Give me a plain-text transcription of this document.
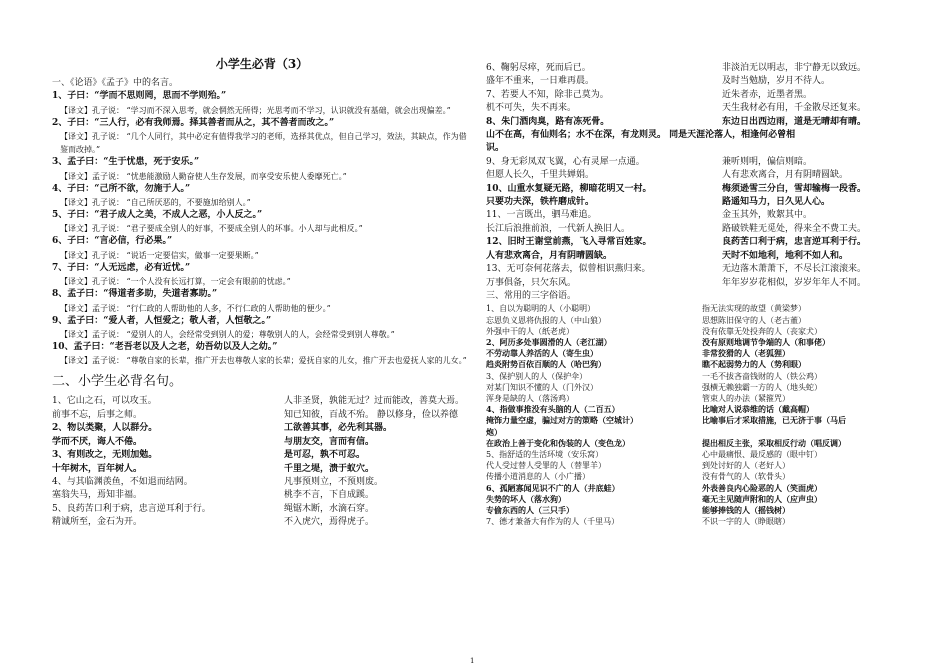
小学生必背（3）
一、《论语》《孟子》中的名言。
1、子曰：“学而不思则罔，思而不学则殆。”
【译文】孔子说： “学习而不深入思考，就会惘然无所得；光思考而不学习，认识就没有基础，就会出现偏差。”
2、子曰：“三人行，必有我师焉。择其善者而从之，其不善者而改之。”
【译文】孔子说： “几个人同行，其中必定有值得我学习的老师，选择其优点，但自己学习，效法，其缺点，作为借鉴而改掉。”
3、孟子曰：“生于忧患，死于安乐。”
【译文】孟子说： “忧患能激励人勤奋使人生存发展，而享受安乐使人委靡死亡。”
4、子曰：“己所不欲，勿施于人。”
【译文】孔子说： “自己所厌恶的，不要施加给别人。”
5、子曰：“君子成人之美，不成人之恶，小人反之。”
【译文】孔子说： “君子要成全别人的好事，不要成全别人的坏事。小人却与此相反。”
6、子曰：“言必信，行必果。”
【译文】孔子说： “说话一定要信实，做事一定要果断。”
7、子曰：“人无远虑，必有近忧。”
【译文】孔子说： “一个人没有长远打算，一定会有眼前的忧虑。”
8、孟子曰：“得道者多助，失道者寡助。”
【译文】孟子说： “行仁政的人帮助他的人多，不行仁政的人帮助他的便少。”
9、孟子曰：“爱人者，人恒爱之；敬人者，人恒敬之。”
【译文】孟子说： “爱别人的人，会经常受到别人的爱；尊敬别人的人，会经常受到别人尊敬。”
10、孟子曰：“老吾老以及人之老，幼吾幼以及人之幼。”
【译文】孟子说： “尊敬自家的长辈，推广开去也尊敬人家的长辈；爱抚自家的儿女，推广开去也爱抚人家的儿女。”
二、小学生必背名句。
1、它山之石，可以攻玉。	人非圣贤，孰能无过？过而能改，善莫大焉。
前事不忘，后事之师。	知已知彼，百战不殆。 静以修身，俭以养德
2、物以类聚，人以群分。	工欲善其事，必先利其器。
学而不厌，诲人不倦。	与朋友交，言而有信。
3、有则改之，无则加勉。	是可忍，孰不可忍。
十年树木，百年树人。	千里之堤，溃于蚁穴。
4、与其临渊羡鱼，不如退而结网。	凡事预则立，不预则废。
塞翁失马，焉知非福。	桃李不言，下自成蹊。
5、良药苦口利于病，忠言逆耳利于行。	绳锯木断，水滴石穿。
精诚所至，金石为开。	不入虎穴，焉得虎子。
6、鞠躬尽瘁，死而后已。	非淡泊无以明志，非宁静无以致远。
盛年不重来，一日难再晨。	及时当勉励，岁月不待人。
7、若要人不知，除非己莫为。	近朱者赤，近墨者黑。
机不可失，失不再来。	天生我材必有用，千金散尽还复来。
8、朱门酒肉臭，路有冻死骨。	东边日出西边雨，道是无晴却有晴。
山不在高，有仙则名；水不在深，有龙则灵。 同是天涯沦落人，相逢何必曾相
识。
9、身无彩凤双飞翼，心有灵犀一点通。	兼听则明，偏信则暗。
但愿人长久，千里共婵娟。	人有悲欢离合，月有阴晴圆缺。
10、山重水复疑无路，柳暗花明又一村。	梅须逊雪三分白，雪却输梅一段香。
只要功夫深，铁杵磨成针。	路遥知马力，日久见人心。
11、一言既出，驷马难追。	金玉其外，败絮其中。
长江后浪推前浪，一代新人换旧人。	路破铁鞋无觅处，得来全不费工夫。
12、旧时王谢堂前燕，飞入寻常百姓家。	良药苦口利于病，忠言逆耳利于行。
人有悲欢离合，月有阴晴圆缺。	天时不如地利，地利不如人和。
13、无可奈何花落去，似曾相识燕归来。	无边落木萧萧下，不尽长江滚滚来。
万事俱备，只欠东风。	年年岁岁花相似，岁岁年年人不同。
三、常用的三字俗语。
1、自以为聪明的人（小聪明）	指无法实现的故望（黄梁梦）
忘恩负义恩将仇报的人（中山狼）	思想陈旧保守的人（老古董）
外强中干的人（纸老虎）	没有依靠无处投奔的人（丧家犬）
2、阿历多处事圆滑的人（老江湖）	没有原则地调节争端的人（和事佬）
不劳动靠人养活的人（寄生虫）	非常狡猾的人（老狐狸）
趋炎附势百依百顺的人（哈巴狗）	瞧不起弱势力的人（势利眼）
3、保护别人的人（保护伞）	一毛不拔吝啬钱财的人（铁公鸡）
对某门知识不懂的人（门外汉）	强横无赖独霸一方的人（地头蛇）
浑身是缺的人（落汤鸡）	管束人的办法（紧箍咒）
4、指做事推没有头脑的人（二百五）	比喻对人说恭维的话（戴高帽）
掩饰力量空虚，骗过对方的策略（空城计）	比喻事后才采取措施，已无济于事（马后
炮）
在政治上善于变化和伪装的人（变色龙）	提出相反主张，采取相反行动（唱反调）
5、指舒适的生活环境（安乐窝）	心中最痛恨、最反感的（眼中钉）
代人受过替人受罪的人（替罪羊）	到处讨好的人（老好人）
传播小道消息的人（小广播）	没有骨气的人（软骨头）
6、孤陋寡闻见识不广的人（井底蛙）	外表善良内心险恶的人（笑面虎）
失势的坏人（落水狗）	毫无主见随声附和的人（应声虫）
专偷东西的人（三只手）	能够捧钱的人（摇钱树）
7、德才兼备大有作为的人（千里马）	不识一字的人（睁眼瞎）
1
